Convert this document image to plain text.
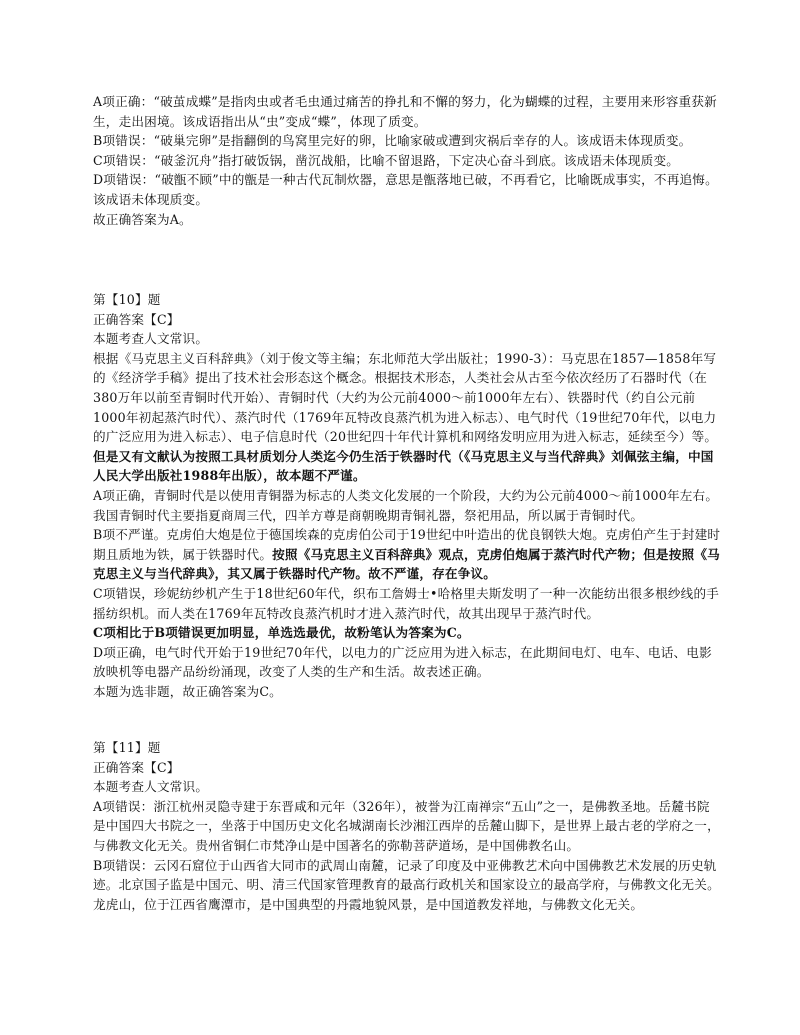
A项正确：“破茧成蝶”是指肉虫或者毛虫通过痛苦的挣扎和不懈的努力，化为蝴蝶的过程，主要用来形容重获新生，走出困境。该成语指出从“虫”变成“蝶”，体现了质变。

B项错误：“破巢完卵”是指翻倒的鸟窝里完好的卵，比喻家破或遭到灾祸后幸存的人。该成语未体现质变。

C项错误：“破釜沉舟”指打破饭锅，凿沉战船，比喻不留退路，下定决心奋斗到底。该成语未体现质变。

D项错误：“破甑不顾”中的甑是一种古代瓦制炊器，意思是甑落地已破，不再看它，比喻既成事实，不再追悔。该成语未体现质变。

故正确答案为A。

第【10】题

正确答案【C】

本题考查人文常识。

根据《马克思主义百科辞典》（刘于俊文等主编；东北师范大学出版社；1990-3）：马克思在1857—1858年写的《经济学手稿》提出了技术社会形态这个概念。根据技术形态，人类社会从古至今依次经历了石器时代（在380万年以前至青铜时代开始）、青铜时代（大约为公元前4000～前1000年左右）、铁器时代（约自公元前1000年初起蒸汽时代）、蒸汽时代（1769年瓦特改良蒸汽机为进入标志）、电气时代（19世纪70年代，以电力的广泛应用为进入标志）、电子信息时代（20世纪四十年代计算机和网络发明应用为进入标志，延续至今）等。但是又有文献认为按照工具材质划分人类迄今仍生活于铁器时代（《马克思主义与当代辞典》刘佩弦主编，中国人民大学出版社1988年出版），故本题不严谨。

A项正确，青铜时代是以使用青铜器为标志的人类文化发展的一个阶段，大约为公元前4000～前1000年左右。我国青铜时代主要指夏商周三代，四羊方尊是商朝晚期青铜礼器，祭祀用品，所以属于青铜时代。

B项不严谨。克虏伯大炮是位于德国埃森的克虏伯公司于19世纪中叶造出的优良钢铁大炮。克虏伯产生于封建时期且质地为铁，属于铁器时代。按照《马克思主义百科辞典》观点，克虏伯炮属于蒸汽时代产物；但是按照《马克思主义与当代辞典》，其又属于铁器时代产物。故不严谨，存在争议。

C项错误，珍妮纺纱机产生于18世纪60年代，织布工詹姆士•哈格里夫斯发明了一种一次能纺出很多根纱线的手摇纺织机。而人类在1769年瓦特改良蒸汽机时才进入蒸汽时代，故其出现早于蒸汽时代。
C项相比于B项错误更加明显，单选选最优，故粉笔认为答案为C。

D项正确，电气时代开始于19世纪70年代，以电力的广泛应用为进入标志，在此期间电灯、电车、电话、电影放映机等电器产品纷纷涌现，改变了人类的生产和生活。故表述正确。

本题为选非题，故正确答案为C。

第【11】题

正确答案【C】

本题考查人文常识。

A项错误：浙江杭州灵隐寺建于东晋咸和元年（326年），被誉为江南禅宗“五山”之一，是佛教圣地。岳麓书院是中国四大书院之一，坐落于中国历史文化名城湖南长沙湘江西岸的岳麓山脚下，是世界上最古老的学府之一，与佛教文化无关。贵州省铜仁市梵净山是中国著名的弥勒菩萨道场，是中国佛教名山。

B项错误：云冈石窟位于山西省大同市的武周山南麓，记录了印度及中亚佛教艺术向中国佛教艺术发展的历史轨迹。北京国子监是中国元、明、清三代国家管理教育的最高行政机关和国家设立的最高学府，与佛教文化无关。龙虎山，位于江西省鹰潭市，是中国典型的丹霞地貌风景，是中国道教发祥地，与佛教文化无关。
